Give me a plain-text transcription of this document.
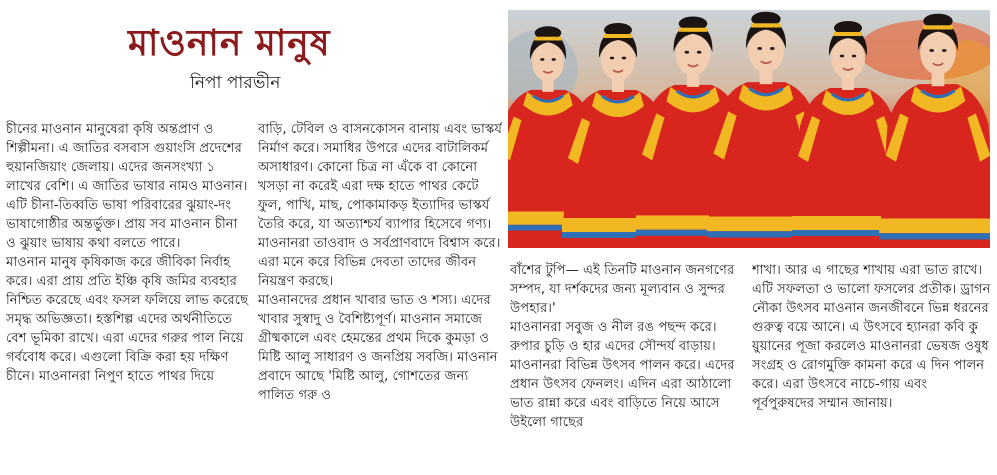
মাওনান মানুষ
নিপা পারভীন

চীনের মাওনান মানুষেরা কৃষি অন্তপ্রাণ ও শিল্পীমনা। এ জাতির বসবাস গুয়াংসি প্রদেশের হুয়ানজিয়াং জেলায়। এদের জনসংখ্যা ১ লাখের বেশি। এ জাতির ভাষার নামও মাওনান। এটি চীনা-তিব্বতি ভাষা পরিবারের ঝুয়াং-দং ভাষাগোষ্ঠীর অন্তর্ভুক্ত। প্রায় সব মাওনান চীনা ও ঝুয়াং ভাষায় কথা বলতে পারে।

মাওনান মানুষ কৃষিকাজ করে জীবিকা নির্বাহ করে। এরা প্রায় প্রতি ইঞ্চি কৃষি জমির ব্যবহার নিশ্চিত করেছে এবং ফসল ফলিয়ে লাভ করেছে সমৃদ্ধ অভিজ্ঞতা। হস্তশিল্প এদের অর্থনীতিতে বেশ ভূমিকা রাখে। এরা এদের গরুর পাল নিয়ে গর্ববোধ করে। এগুলো বিক্রি করা হয় দক্ষিণ চীনে। মাওনানরা নিপুণ হাতে পাথর দিয়ে

বাড়ি, টেবিল ও বাসনকোসন বানায় এবং ভাস্কর্য নির্মাণ করে। সমাধির উপরে এদের বাটালিকর্ম অসাধারণ। কোনো চিত্র না এঁকে বা কোনো খসড়া না করেই এরা দক্ষ হাতে পাথর কেটে ফুল, পাখি, মাছ, পোকামাকড় ইত্যাদির ভাস্কর্য তৈরি করে, যা অত্যাশ্চর্য ব্যাপার হিসেবে গণ্য।

মাওনানরা তাওবাদ ও সর্বপ্রাণবাদে বিশ্বাস করে। এরা মনে করে বিভিন্ন দেবতা তাদের জীবন নিয়ন্ত্রণ করছে।

মাওনানদের প্রধান খাবার ভাত ও শস্য। এদের খাবার সুস্বাদু ও বৈশিষ্ট্যপূর্ণ। মাওনান সমাজে গ্রীষ্মকালে এবং হেমন্তের প্রথম দিকে কুমড়া ও মিষ্টি আলু সাধারণ ও জনপ্রিয় সবজি। মাওনান প্রবাদে আছে 'মিষ্টি আলু, গোশতের জন্য পালিত গরু ও

বাঁশের টুপি— এই তিনটি মাওনান জনগণের সম্পদ, যা দর্শকদের জন্য মূল্যবান ও সুন্দর উপহার।'

মাওনানরা সবুজ ও নীল রঙ পছন্দ করে। রুপার চুড়ি ও হার এদের সৌন্দর্য বাড়ায়।

মাওনানরা বিভিন্ন উৎসব পালন করে। এদের প্রধান উৎসব ফেনলং। এদিন এরা আঠালো ভাত রান্না করে এবং বাড়িতে নিয়ে আসে উইলো গাছের

শাখা। আর এ গাছের শাখায় এরা ভাত রাখে। এটি সফলতা ও ভালো ফসলের প্রতীক। ড্রাগন নৌকা উৎসব মাওনান জনজীবনে ভিন্ন ধরনের গুরুত্ব বয়ে আনে। এ উৎসবে হ্যানরা কবি কু য়ুয়ানের পূজা করলেও মাওনানরা ভেষজ ওষুধ সংগ্রহ ও রোগমুক্তি কামনা করে এ দিন পালন করে। এরা উৎসবে নাচে-গায় এবং পূর্বপুরুষদের সম্মান জানায়।
